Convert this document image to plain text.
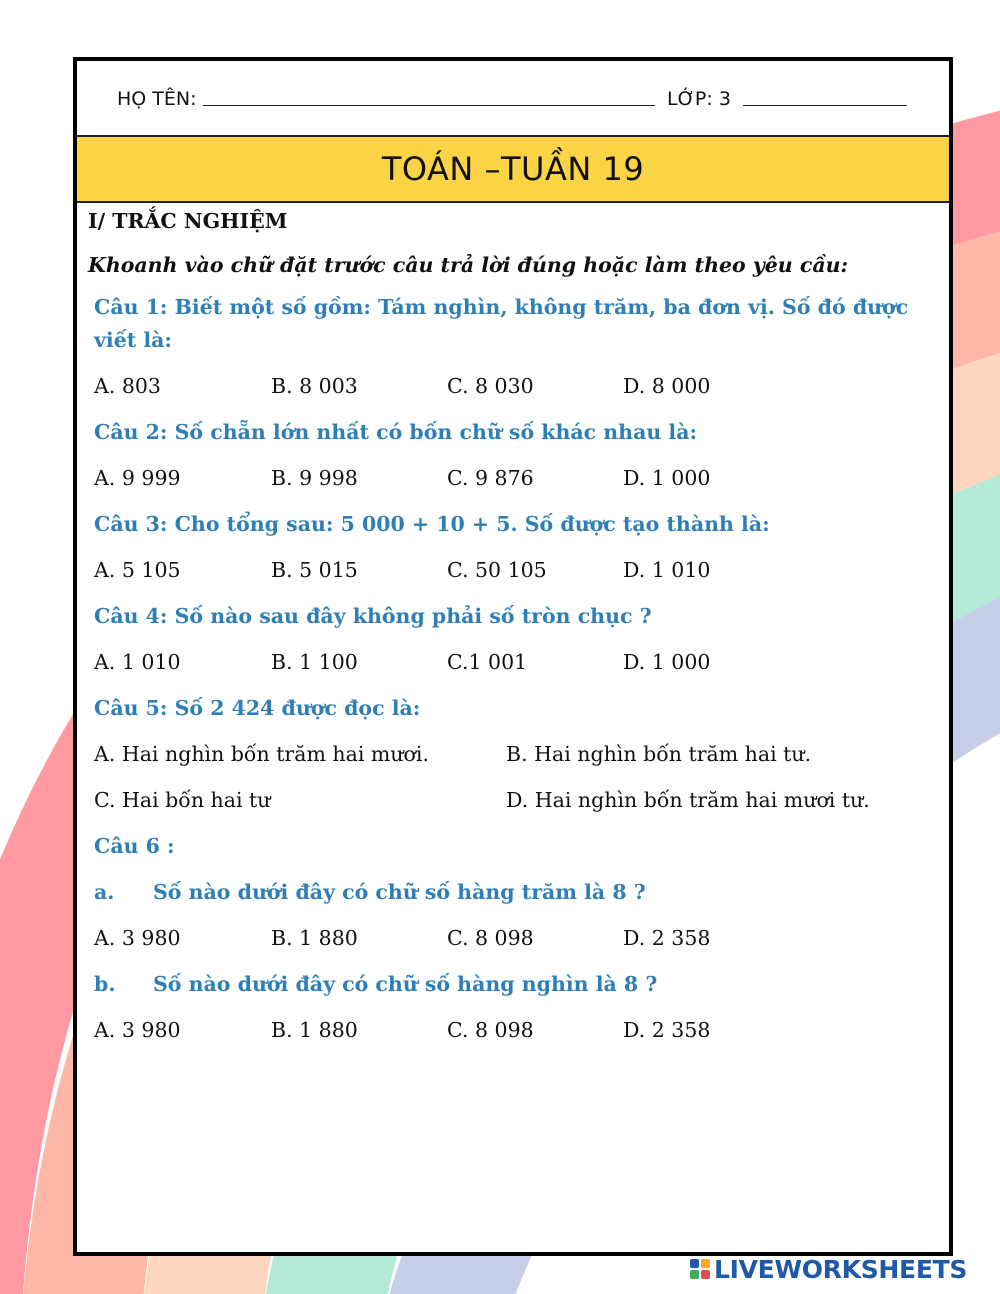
HỌ TÊN:	LỚP: 3
TOÁN –TUẦN 19
I/ TRẮC NGHIỆM
Khoanh vào chữ đặt trước câu trả lời đúng hoặc làm theo yêu cầu:
Câu 1: Biết một số gồm: Tám nghìn, không trăm, ba đơn vị. Số đó được viết là:
A. 803	B. 8 003	C. 8 030	D. 8 000
Câu 2: Số chẵn lớn nhất có bốn chữ số khác nhau là:
A. 9 999	B. 9 998	C. 9 876	D. 1 000
Câu 3: Cho tổng sau: 5 000 + 10 + 5. Số được tạo thành là:
A. 5 105	B. 5 015	C. 50 105	D. 1 010
Câu 4: Số nào sau đây không phải số tròn chục ?
A. 1 010	B. 1 100	C.1 001	D. 1 000
Câu 5: Số 2 424 được đọc là:
A. Hai nghìn bốn trăm hai mươi.	B. Hai nghìn bốn trăm hai tư.
C. Hai bốn hai tư	D. Hai nghìn bốn trăm hai mươi tư.
Câu 6 :
a. Số nào dưới đây có chữ số hàng trăm là 8 ?
A. 3 980	B. 1 880	C. 8 098	D. 2 358
b. Số nào dưới đây có chữ số hàng nghìn là 8 ?
A. 3 980	B. 1 880	C. 8 098	D. 2 358
LIVEWORKSHEETS
